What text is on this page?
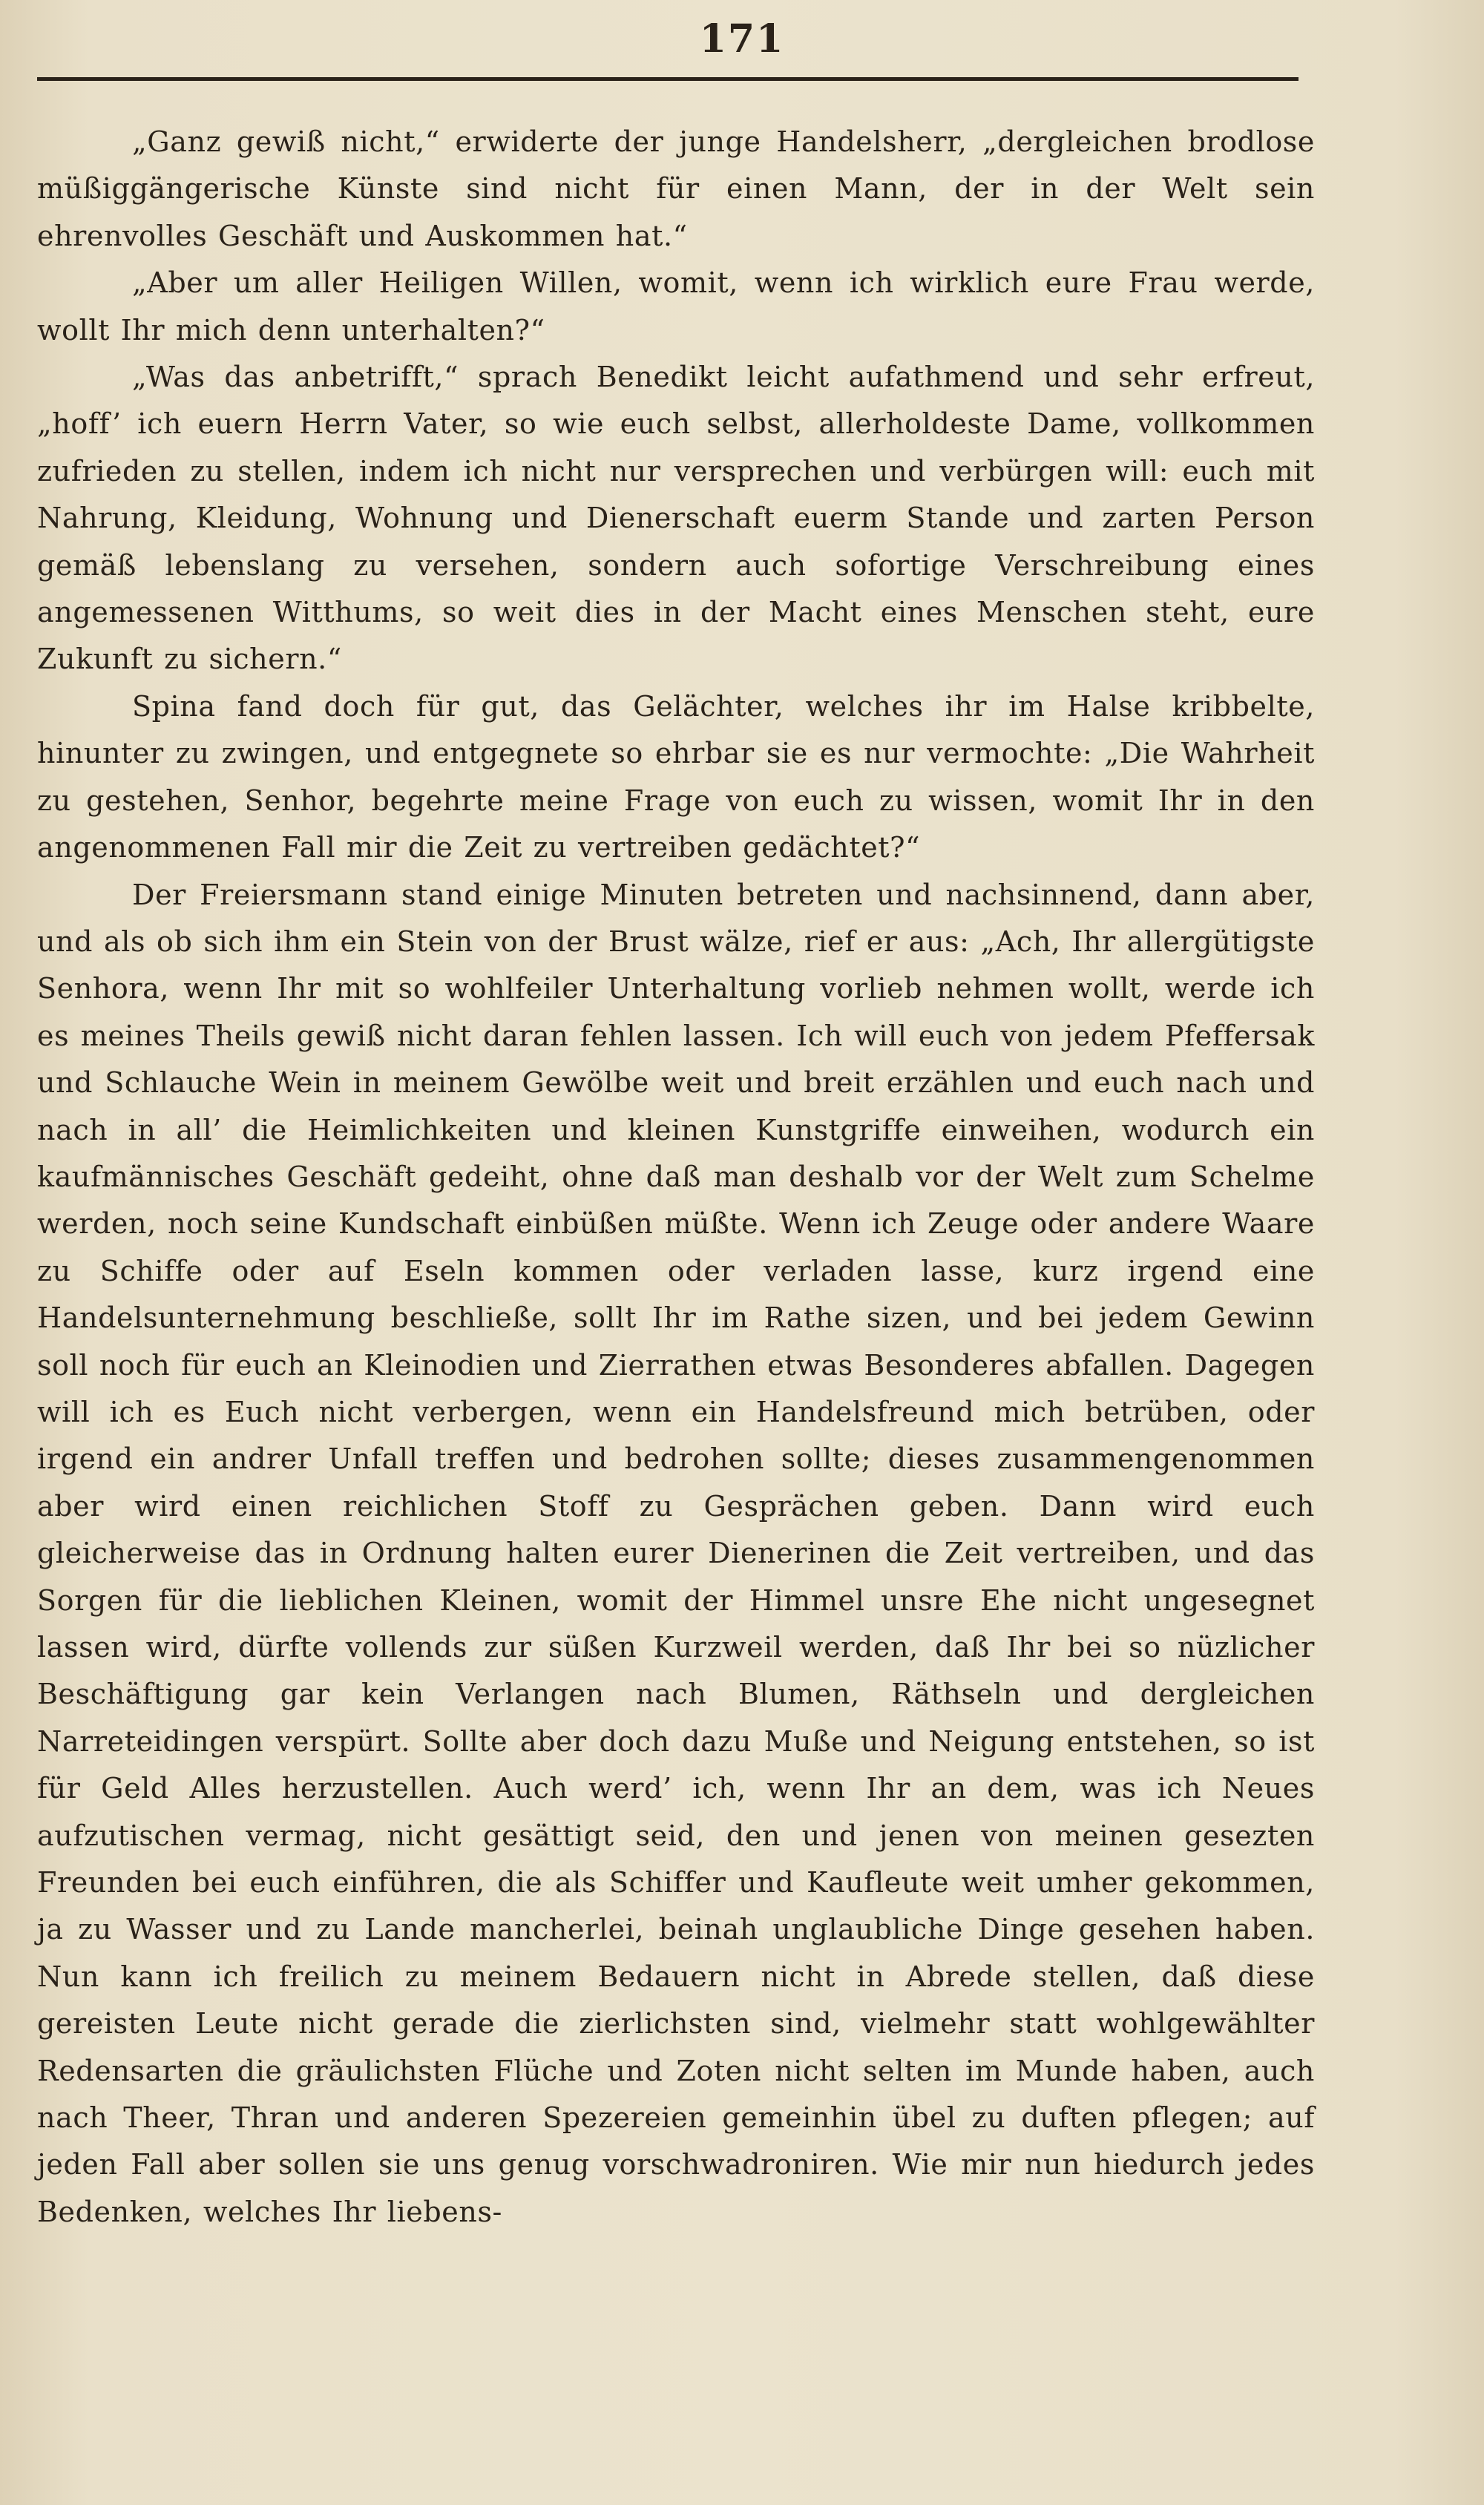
171

„Ganz gewiß nicht,“ erwiderte der junge Handelsherr, „dergleichen brodlose müßiggängerische Künste sind nicht für einen Mann, der in der Welt sein ehrenvolles Geschäft und Auskommen hat.“

„Aber um aller Heiligen Willen, womit, wenn ich wirklich eure Frau werde, wollt Ihr mich denn unterhalten?“

„Was das anbetrifft,“ sprach Benedikt leicht aufathmend und sehr erfreut, „hoff’ ich euern Herrn Vater, so wie euch selbst, allerholdeste Dame, vollkommen zufrieden zu stellen, indem ich nicht nur versprechen und verbürgen will: euch mit Nahrung, Kleidung, Wohnung und Dienerschaft euerm Stande und zarten Person gemäß lebenslang zu versehen, sondern auch sofortige Verschreibung eines angemessenen Witthums, so weit dies in der Macht eines Menschen steht, eure Zukunft zu sichern.“

Spina fand doch für gut, das Gelächter, welches ihr im Halse kribbelte, hinunter zu zwingen, und entgegnete so ehrbar sie es nur vermochte: „Die Wahrheit zu gestehen, Senhor, begehrte meine Frage von euch zu wissen, womit Ihr in den angenommenen Fall mir die Zeit zu vertreiben gedächtet?“

Der Freiersmann stand einige Minuten betreten und nachsinnend, dann aber, und als ob sich ihm ein Stein von der Brust wälze, rief er aus: „Ach, Ihr allergütigste Senhora, wenn Ihr mit so wohlfeiler Unterhaltung vorlieb nehmen wollt, werde ich es meines Theils gewiß nicht daran fehlen lassen. Ich will euch von jedem Pfeffersak und Schlauche Wein in meinem Gewölbe weit und breit erzählen und euch nach und nach in all’ die Heimlichkeiten und kleinen Kunstgriffe einweihen, wodurch ein kaufmännisches Geschäft gedeiht, ohne daß man deshalb vor der Welt zum Schelme werden, noch seine Kundschaft einbüßen müßte. Wenn ich Zeuge oder andere Waare zu Schiffe oder auf Eseln kommen oder verladen lasse, kurz irgend eine Handelsunternehmung beschließe, sollt Ihr im Rathe sizen, und bei jedem Gewinn soll noch für euch an Kleinodien und Zierrathen etwas Besonderes abfallen. Dagegen will ich es Euch nicht verbergen, wenn ein Handelsfreund mich betrüben, oder irgend ein andrer Unfall treffen und bedrohen sollte; dieses zusammengenommen aber wird einen reichlichen Stoff zu Gesprächen geben. Dann wird euch gleicherweise das in Ordnung halten eurer Dienerinen die Zeit vertreiben, und das Sorgen für die lieblichen Kleinen, womit der Himmel unsre Ehe nicht ungesegnet lassen wird, dürfte vollends zur süßen Kurzweil werden, daß Ihr bei so nüzlicher Beschäftigung gar kein Verlangen nach Blumen, Räthseln und dergleichen Narreteidingen verspürt. Sollte aber doch dazu Muße und Neigung entstehen, so ist für Geld Alles herzustellen. Auch werd’ ich, wenn Ihr an dem, was ich Neues aufzutischen vermag, nicht gesättigt seid, den und jenen von meinen gesezten Freunden bei euch einführen, die als Schiffer und Kaufleute weit umher gekommen, ja zu Wasser und zu Lande mancherlei, beinah unglaubliche Dinge gesehen haben. Nun kann ich freilich zu meinem Bedauern nicht in Abrede stellen, daß diese gereisten Leute nicht gerade die zierlichsten sind, vielmehr statt wohlgewählter Redensarten die gräulichsten Flüche und Zoten nicht selten im Munde haben, auch nach Theer, Thran und anderen Spezereien gemeinhin übel zu duften pflegen; auf jeden Fall aber sollen sie uns genug vorschwadroniren. Wie mir nun hiedurch jedes Bedenken, welches Ihr liebens-
